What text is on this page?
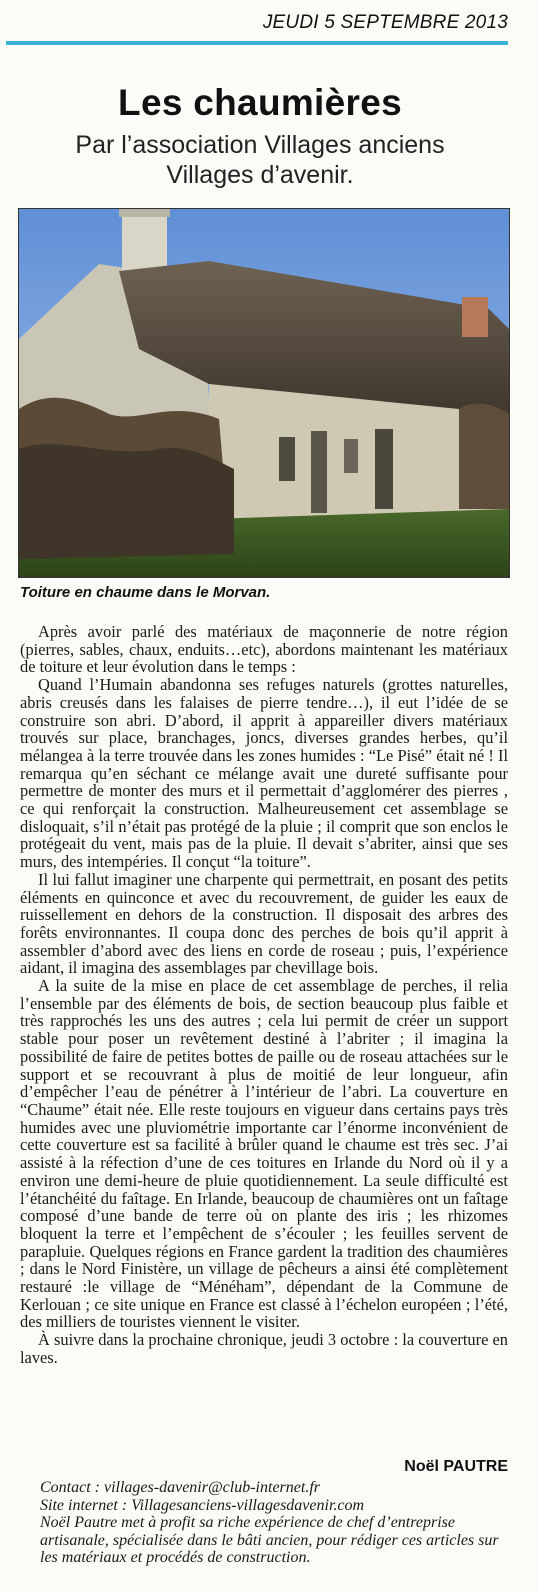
JEUDI 5 SEPTEMBRE 2013
Les chaumières
Par l’association Villages anciens
Villages d’avenir.
Toiture en chaume dans le Morvan.

Après avoir parlé des matériaux de maçonnerie de notre région (pierres, sables, chaux, enduits…etc), abordons maintenant les matériaux de toiture et leur évolution dans le temps :

Quand l’Humain abandonna ses refuges naturels (grottes naturelles, abris creusés dans les falaises de pierre tendre…), il eut l’idée de se construire son abri. D’abord, il apprit à appareiller divers matériaux trouvés sur place, branchages, joncs, diverses grandes herbes, qu’il mélangea à la terre trouvée dans les zones humides : “Le Pisé” était né ! Il remarqua qu’en séchant ce mélange avait une dureté suffisante pour permettre de monter des murs et il permettait d’agglomérer des pierres , ce qui renforçait la construction. Malheureusement cet assemblage se disloquait, s’il n’était pas protégé de la pluie ; il comprit que son enclos le protégeait du vent, mais pas de la pluie. Il devait s’abriter, ainsi que ses murs, des intempéries. Il conçut “la toiture”.

Il lui fallut imaginer une charpente qui permettrait, en posant des petits éléments en quinconce et avec du recouvrement, de guider les eaux de ruissellement en dehors de la construction. Il disposait des arbres des forêts environnantes. Il coupa donc des perches de bois qu’il apprit à assembler d’abord avec des liens en corde de roseau ; puis, l’expérience aidant, il imagina des assemblages par chevillage bois.

A la suite de la mise en place de cet assemblage de perches, il relia l’ensemble par des éléments de bois, de section beaucoup plus faible et très rapprochés les uns des autres ; cela lui permit de créer un support stable pour poser un revêtement destiné à l’abriter ; il imagina la possibilité de faire de petites bottes de paille ou de roseau attachées sur le support et se recouvrant à plus de moitié de leur longueur, afin d’empêcher l’eau de pénétrer à l’intérieur de l’abri. La couverture en “Chaume” était née. Elle reste toujours en vigueur dans certains pays très humides avec une pluviométrie importante car l’énorme inconvénient de cette couverture est sa facilité à brûler quand le chaume est très sec. J’ai assisté à la réfection d’une de ces toitures en Irlande du Nord où il y a environ une demi-heure de pluie quotidiennement. La seule difficulté est l’étanchéité du faîtage. En Irlande, beaucoup de chaumières ont un faîtage composé d’une bande de terre où on plante des iris ; les rhizomes bloquent la terre et l’empêchent de s’écouler ; les feuilles servent de parapluie. Quelques régions en France gardent la tradition des chaumières ; dans le Nord Finistère, un village de pêcheurs a ainsi été complètement restauré :le village de “Ménéham”, dépendant de la Commune de Kerlouan ; ce site unique en France est classé à l’échelon européen ; l’été, des milliers de touristes viennent le visiter.

À suivre dans la prochaine chronique, jeudi 3 octobre : la couverture en laves.

Noël PAUTRE
Contact : villages-davenir@club-internet.fr
Site internet : Villagesanciens-villagesdavenir.com
Noël Pautre met à profit sa riche expérience de chef d’entreprise artisanale, spécialisée dans le bâti ancien, pour rédiger ces articles sur les matériaux et procédés de construction.
